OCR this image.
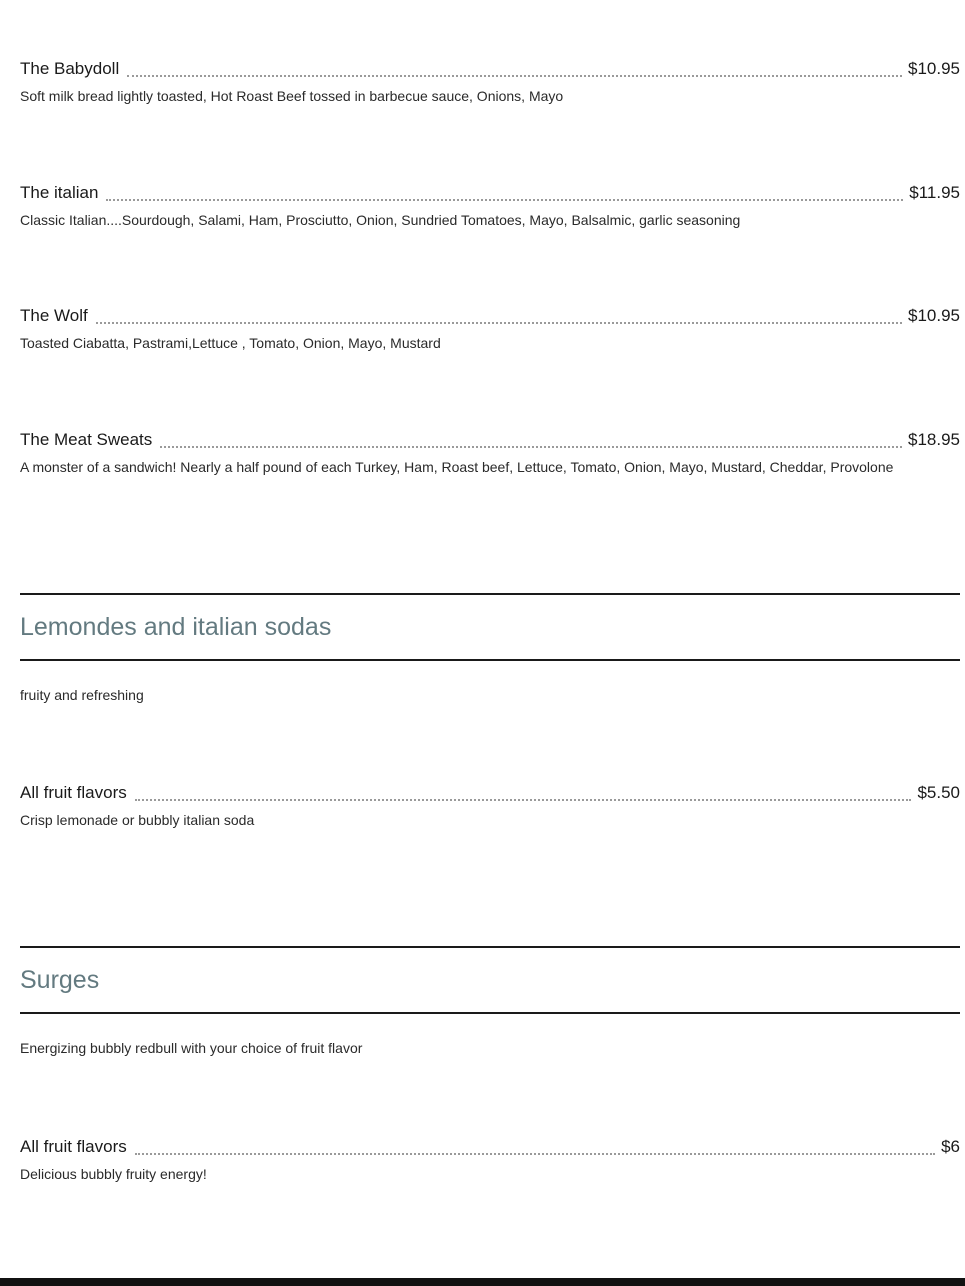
The Babydoll	$10.95
Soft milk bread lightly toasted, Hot Roast Beef tossed in barbecue sauce, Onions, Mayo
The italian	$11.95
Classic Italian....Sourdough, Salami, Ham, Prosciutto, Onion, Sundried Tomatoes, Mayo, Balsalmic, garlic seasoning
The Wolf	$10.95
Toasted Ciabatta, Pastrami,Lettuce , Tomato, Onion, Mayo, Mustard
The Meat Sweats	$18.95
A monster of a sandwich! Nearly a half pound of each Turkey, Ham, Roast beef, Lettuce, Tomato, Onion, Mayo, Mustard, Cheddar, Provolone
Lemondes and italian sodas
fruity and refreshing
All fruit flavors	$5.50
Crisp lemonade or bubbly italian soda
Surges
Energizing bubbly redbull with your choice of fruit flavor
All fruit flavors	$6
Delicious bubbly fruity energy!
